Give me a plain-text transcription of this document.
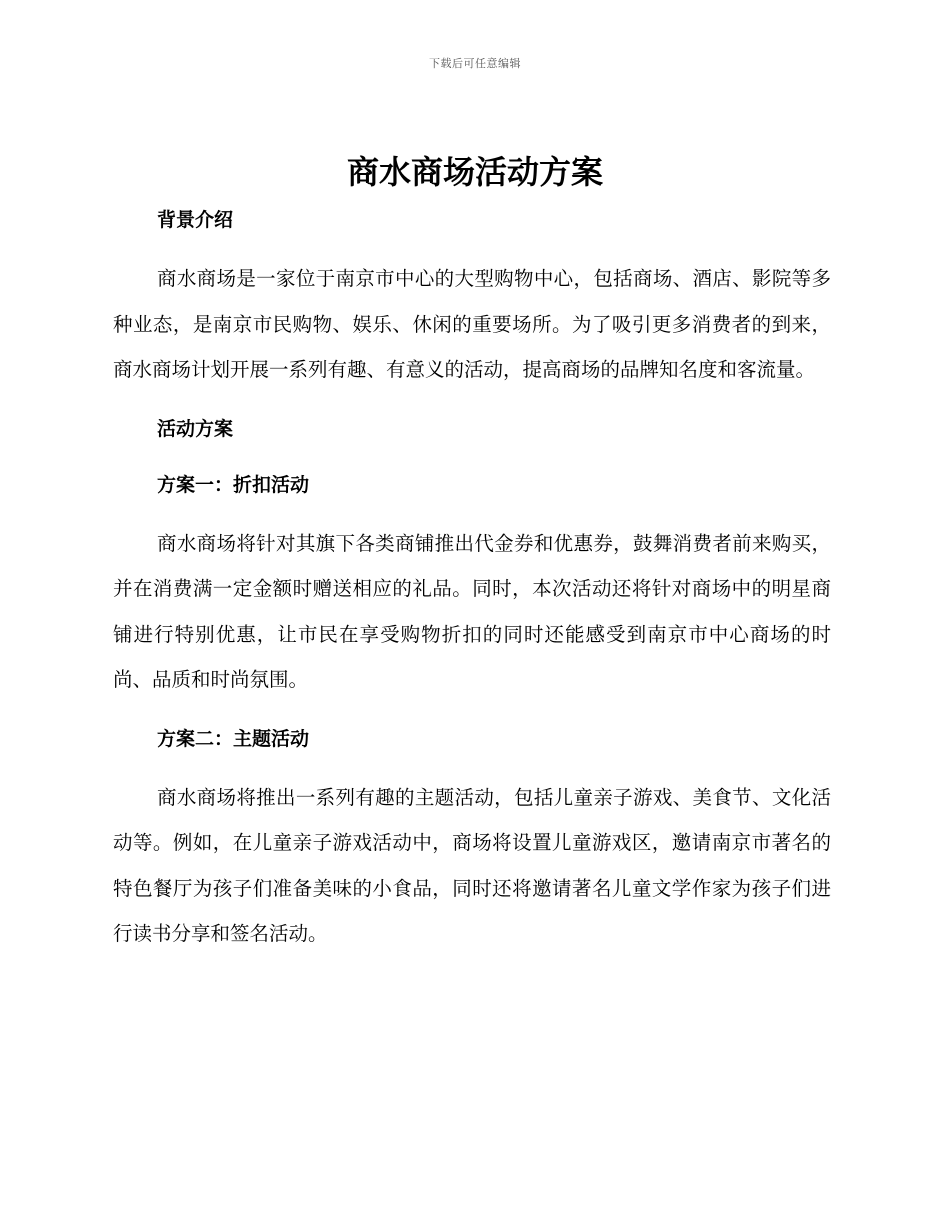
下载后可任意编辑
商水商场活动方案
背景介绍

商水商场是一家位于南京市中心的大型购物中心，包括商场、酒店、影院等多种业态，是南京市民购物、娱乐、休闲的重要场所。为了吸引更多消费者的到来，商水商场计划开展一系列有趣、有意义的活动，提高商场的品牌知名度和客流量。

活动方案
方案一：折扣活动

商水商场将针对其旗下各类商铺推出代金券和优惠券，鼓舞消费者前来购买，并在消费满一定金额时赠送相应的礼品。同时，本次活动还将针对商场中的明星商铺进行特别优惠，让市民在享受购物折扣的同时还能感受到南京市中心商场的时尚、品质和时尚氛围。

方案二：主题活动

商水商场将推出一系列有趣的主题活动，包括儿童亲子游戏、美食节、文化活动等。例如，在儿童亲子游戏活动中，商场将设置儿童游戏区，邀请南京市著名的特色餐厅为孩子们准备美味的小食品，同时还将邀请著名儿童文学作家为孩子们进行读书分享和签名活动。
